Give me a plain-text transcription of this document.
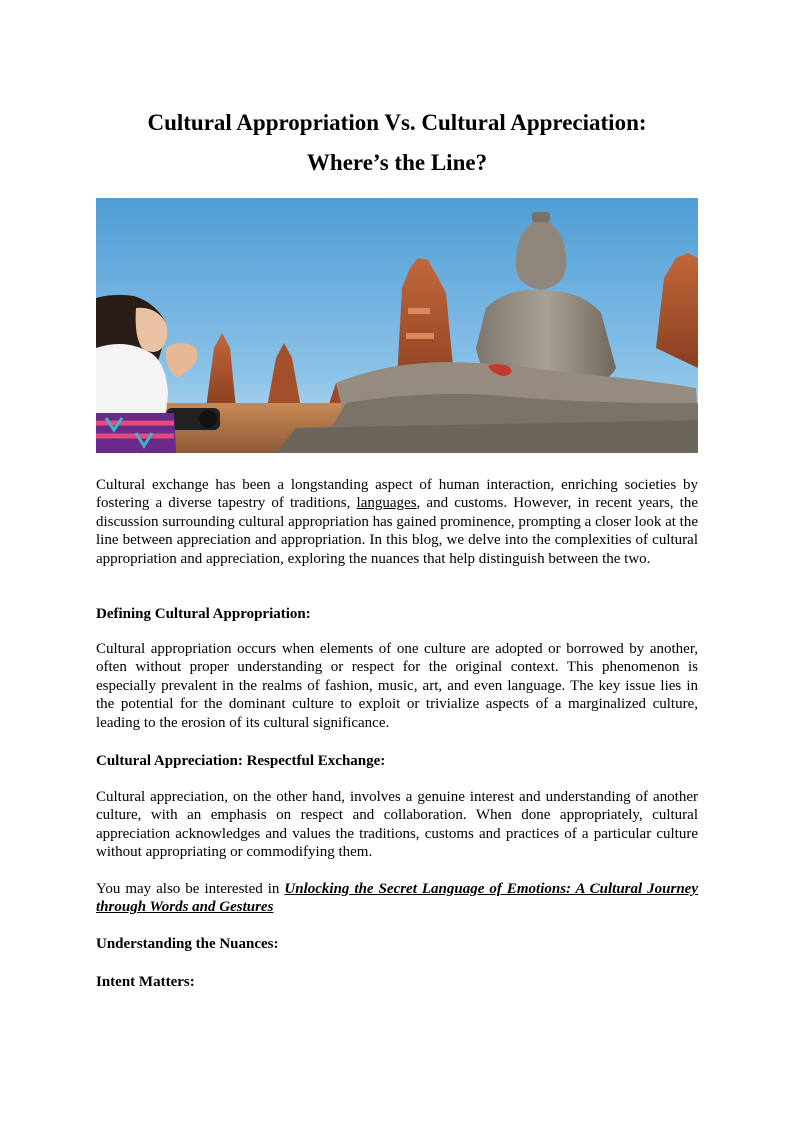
Cultural Appropriation Vs. Cultural Appreciation:
Where’s the Line?

Cultural exchange has been a longstanding aspect of human interaction, enriching societies by fostering a diverse tapestry of traditions, languages, and customs. However, in recent years, the discussion surrounding cultural appropriation has gained prominence, prompting a closer look at the line between appreciation and appropriation. In this blog, we delve into the complexities of cultural appropriation and appreciation, exploring the nuances that help distinguish between the two.

Defining Cultural Appropriation:

Cultural appropriation occurs when elements of one culture are adopted or borrowed by another, often without proper understanding or respect for the original context. This phenomenon is especially prevalent in the realms of fashion, music, art, and even language. The key issue lies in the potential for the dominant culture to exploit or trivialize aspects of a marginalized culture, leading to the erosion of its cultural significance.

Cultural Appreciation: Respectful Exchange:

Cultural appreciation, on the other hand, involves a genuine interest and understanding of another culture, with an emphasis on respect and collaboration. When done appropriately, cultural appreciation acknowledges and values the traditions, customs and practices of a particular culture without appropriating or commodifying them.

You may also be interested in Unlocking the Secret Language of Emotions: A Cultural Journey through Words and Gestures

Understanding the Nuances:
Intent Matters:
